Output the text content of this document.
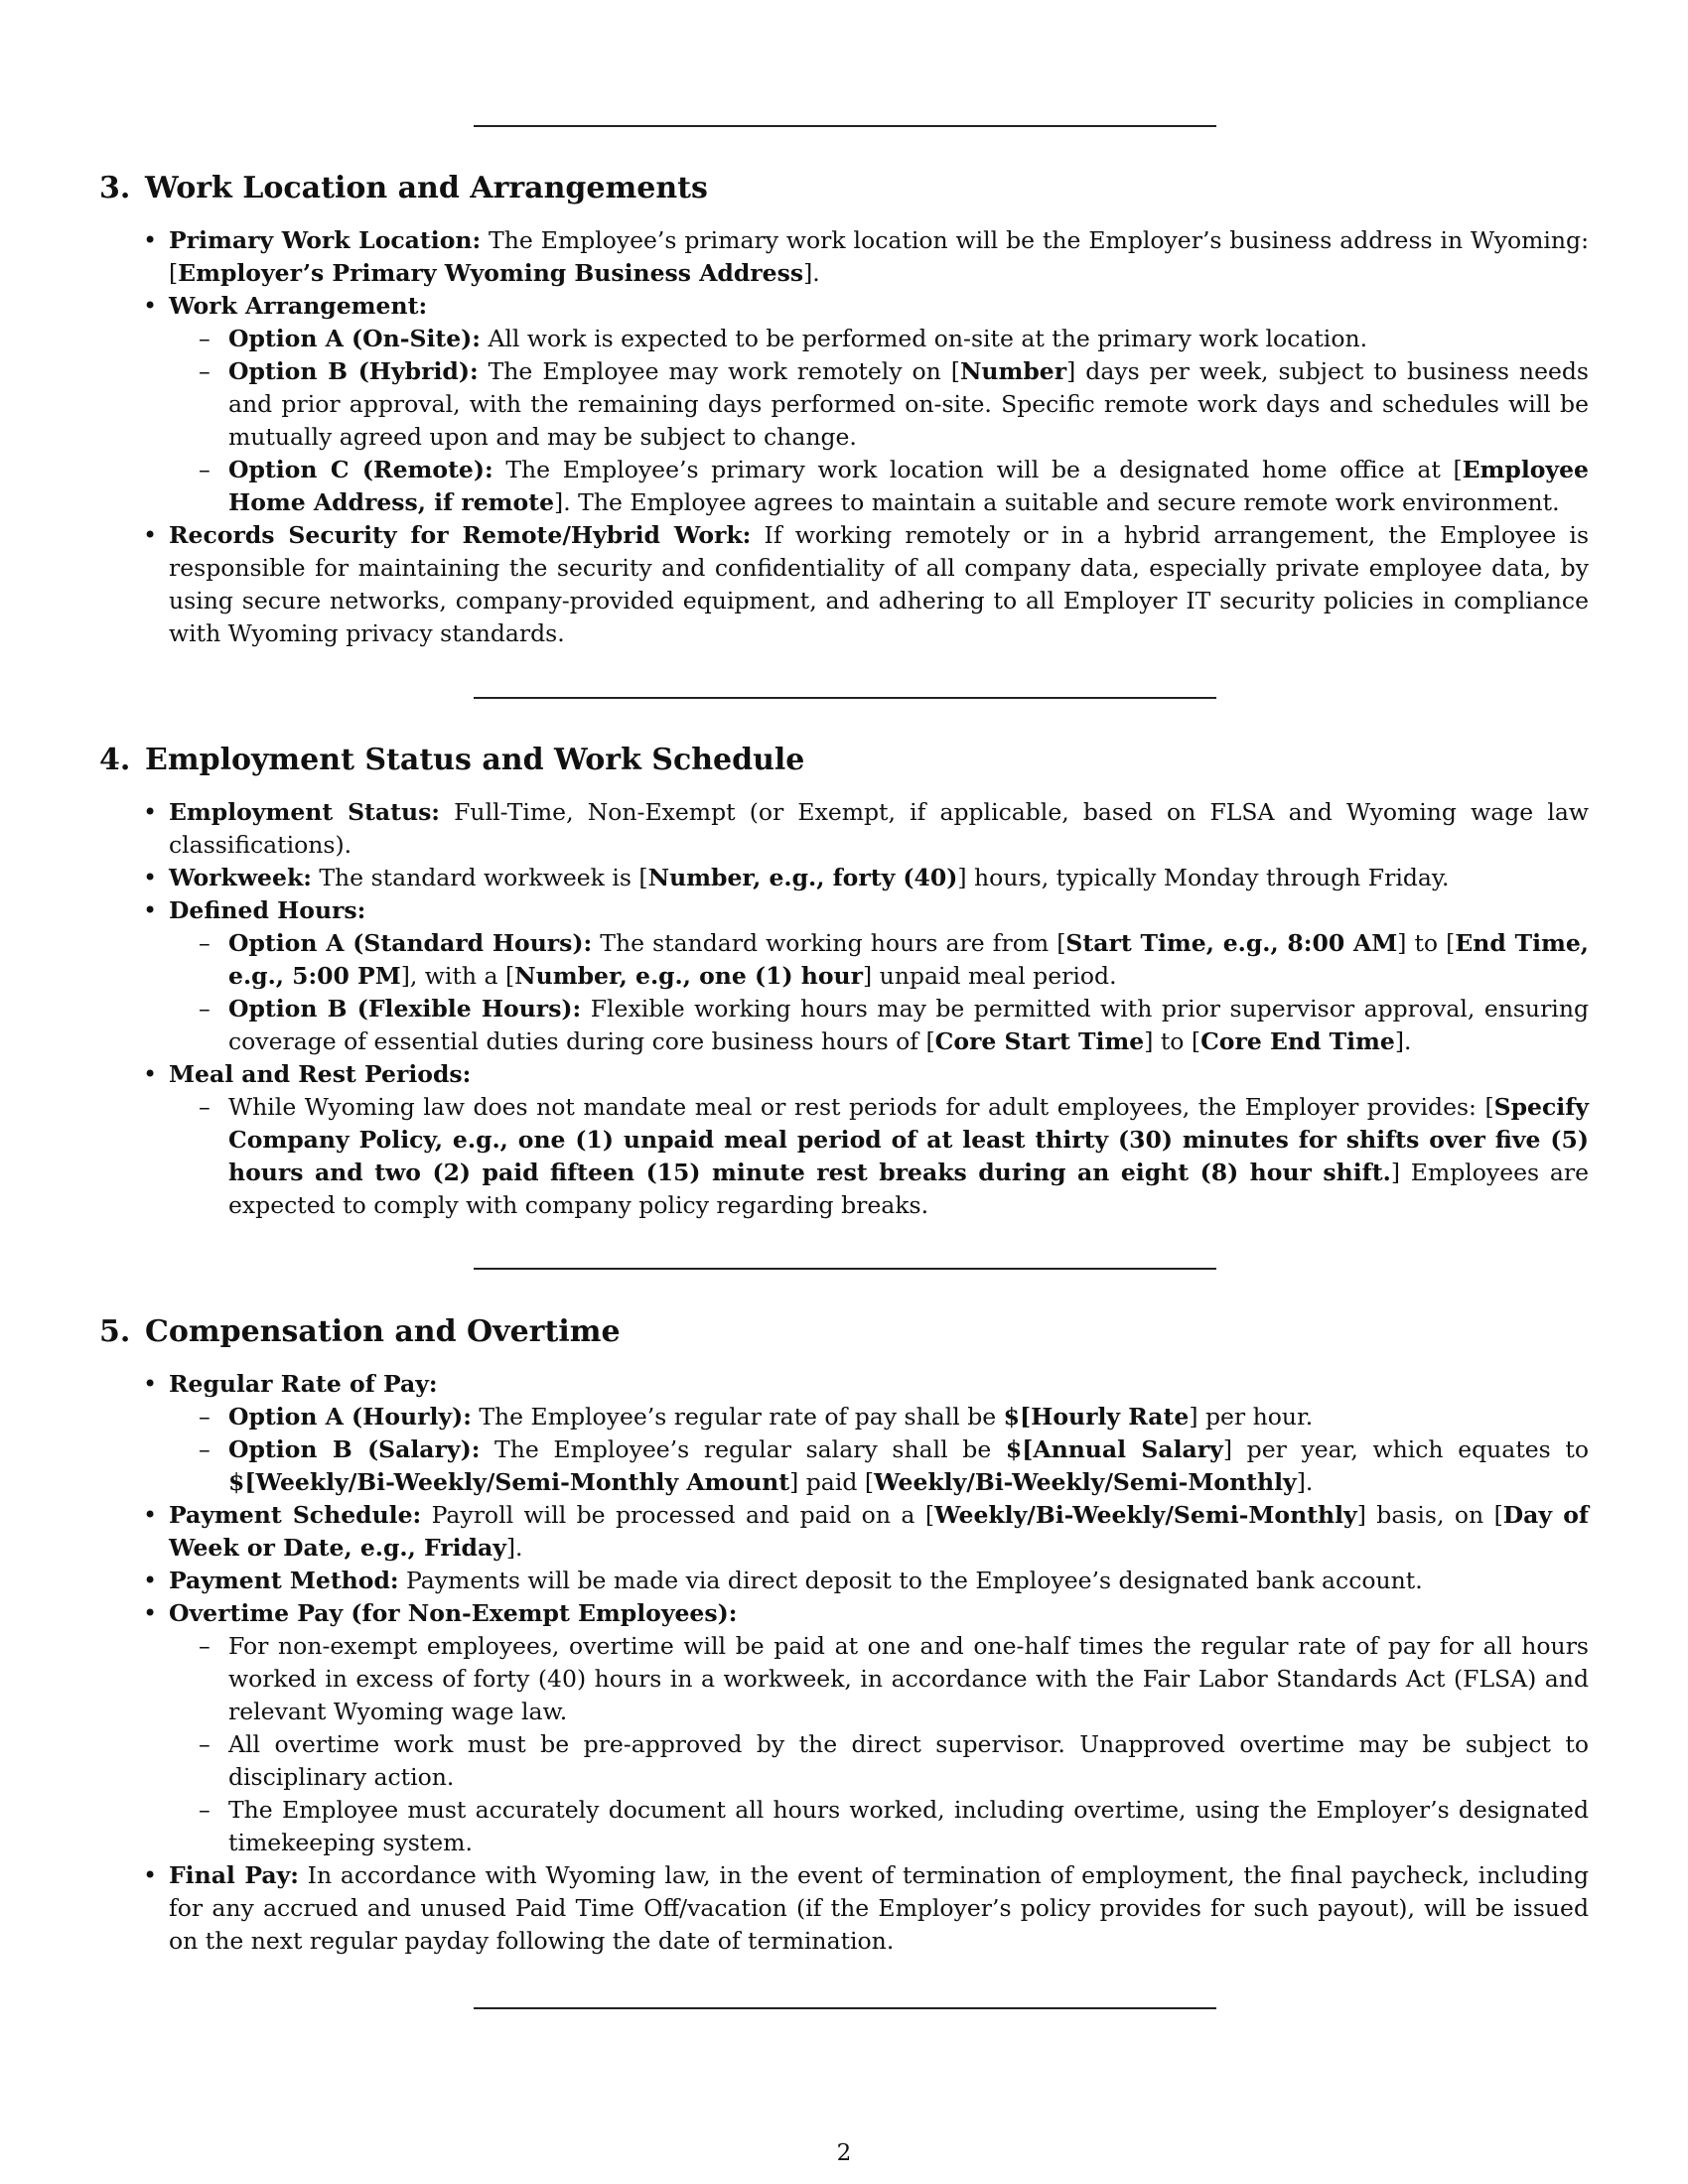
3. Work Location and Arrangements
• Primary Work Location: The Employee’s primary work location will be the Employer’s business address in Wyoming: [Employer’s Primary Wyoming Business Address].
• Work Arrangement:
– Option A (On-Site): All work is expected to be performed on-site at the primary work location.
– Option B (Hybrid): The Employee may work remotely on [Number] days per week, subject to business needs and prior approval, with the remaining days performed on-site. Specific remote work days and schedules will be mutually agreed upon and may be subject to change.
– Option C (Remote): The Employee’s primary work location will be a designated home office at [Employee Home Address, if remote]. The Employee agrees to maintain a suitable and secure remote work environment.
• Records Security for Remote/Hybrid Work: If working remotely or in a hybrid arrangement, the Employee is responsible for maintaining the security and confidentiality of all company data, especially private employee data, by using secure networks, company-provided equipment, and adhering to all Employer IT security policies in compliance with Wyoming privacy standards.
4. Employment Status and Work Schedule
• Employment Status: Full-Time, Non-Exempt (or Exempt, if applicable, based on FLSA and Wyoming wage law classifications).
• Workweek: The standard workweek is [Number, e.g., forty (40)] hours, typically Monday through Friday.
• Defined Hours:
– Option A (Standard Hours): The standard working hours are from [Start Time, e.g., 8:00 AM] to [End Time, e.g., 5:00 PM], with a [Number, e.g., one (1) hour] unpaid meal period.
– Option B (Flexible Hours): Flexible working hours may be permitted with prior supervisor approval, ensuring coverage of essential duties during core business hours of [Core Start Time] to [Core End Time].
• Meal and Rest Periods:
– While Wyoming law does not mandate meal or rest periods for adult employees, the Employer provides: [Specify Company Policy, e.g., one (1) unpaid meal period of at least thirty (30) minutes for shifts over five (5) hours and two (2) paid fifteen (15) minute rest breaks during an eight (8) hour shift.] Employees are expected to comply with company policy regarding breaks.
5. Compensation and Overtime
• Regular Rate of Pay:
– Option A (Hourly): The Employee’s regular rate of pay shall be $[Hourly Rate] per hour.
– Option B (Salary): The Employee’s regular salary shall be $[Annual Salary] per year, which equates to $[Weekly/Bi-Weekly/Semi-Monthly Amount] paid [Weekly/Bi-Weekly/Semi-Monthly].
• Payment Schedule: Payroll will be processed and paid on a [Weekly/Bi-Weekly/Semi-Monthly] basis, on [Day of Week or Date, e.g., Friday].
• Payment Method: Payments will be made via direct deposit to the Employee’s designated bank account.
• Overtime Pay (for Non-Exempt Employees):
– For non-exempt employees, overtime will be paid at one and one-half times the regular rate of pay for all hours worked in excess of forty (40) hours in a workweek, in accordance with the Fair Labor Standards Act (FLSA) and relevant Wyoming wage law.
– All overtime work must be pre-approved by the direct supervisor. Unapproved overtime may be subject to disciplinary action.
– The Employee must accurately document all hours worked, including overtime, using the Employer’s designated timekeeping system.
• Final Pay: In accordance with Wyoming law, in the event of termination of employment, the final paycheck, including for any accrued and unused Paid Time Off/vacation (if the Employer’s policy provides for such payout), will be issued on the next regular payday following the date of termination.
2
